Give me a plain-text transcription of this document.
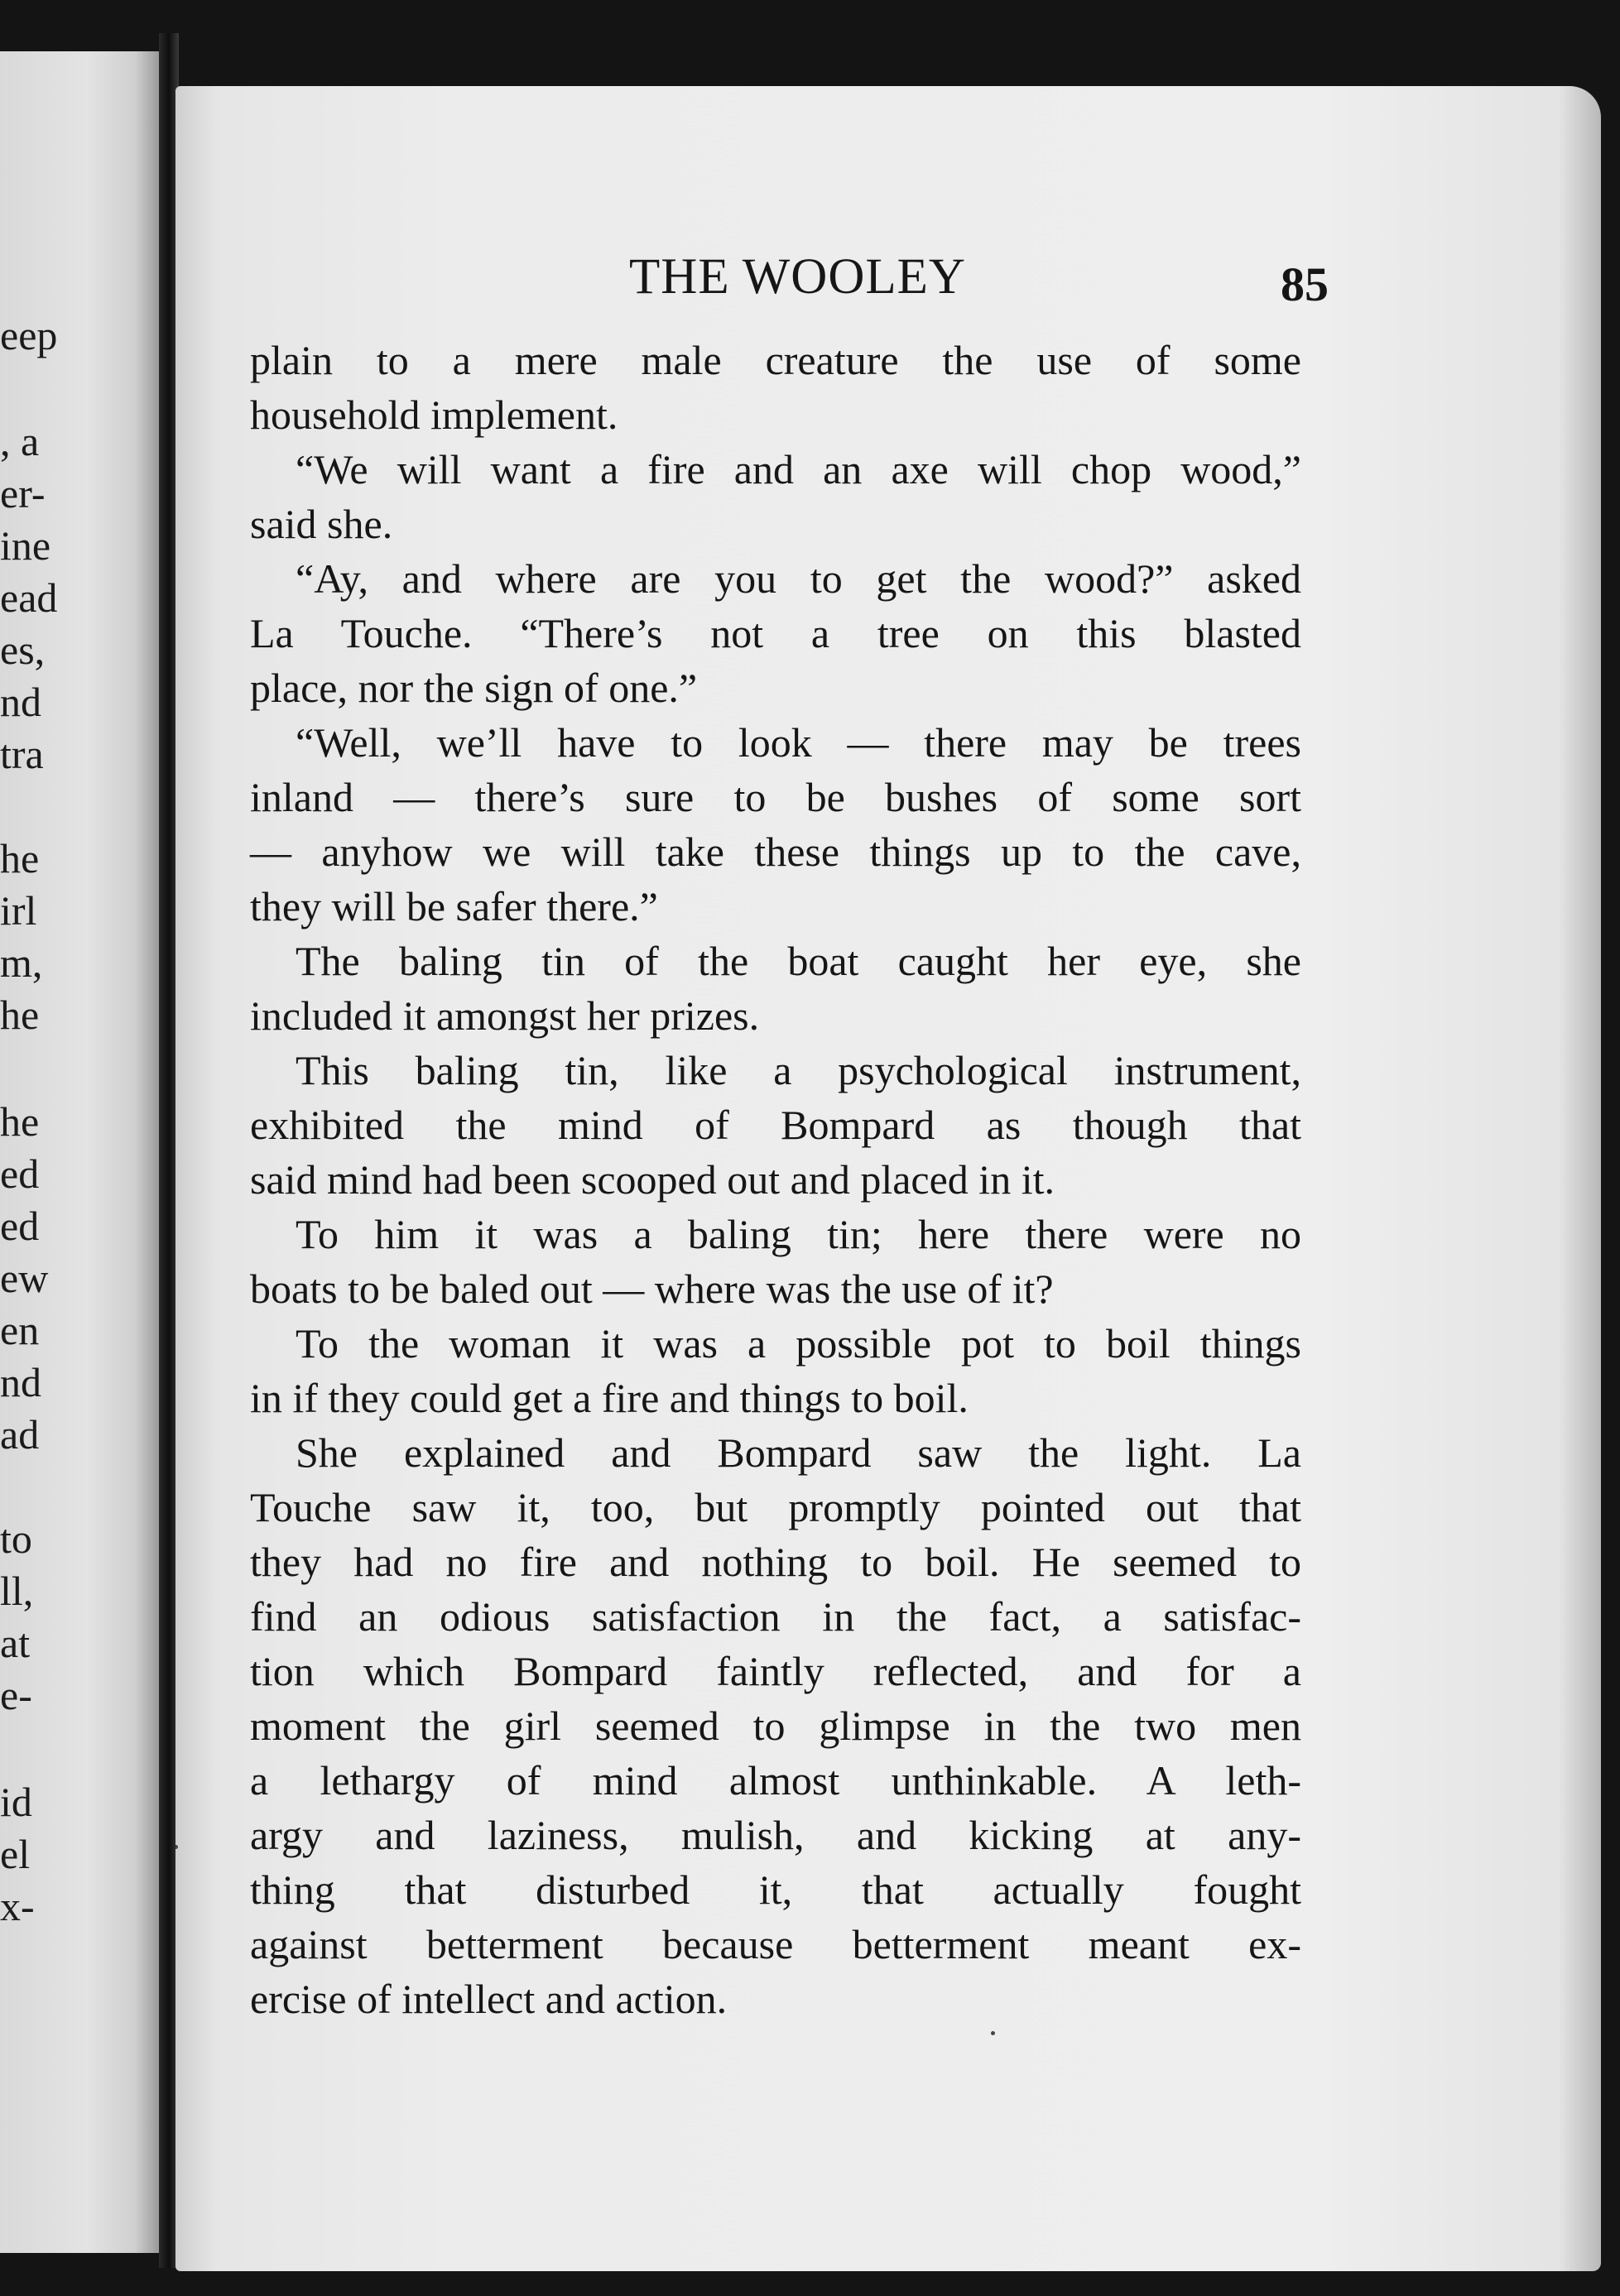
eep
, a
er-
ine
ead
es,
nd
tra
he
irl
m,
he
he
ed
ed
ew
en
nd
ad
to
ll,
at
e-
id
el
x-
THE WOOLEY	85
plain to a mere male creature the use of some
household implement.
“We will want a fire and an axe will chop wood,”
said she.
“Ay, and where are you to get the wood?” asked
La Touche. “There’s not a tree on this blasted
place, nor the sign of one.”
“Well, we’ll have to look — there may be trees
inland — there’s sure to be bushes of some sort
— anyhow we will take these things up to the cave,
they will be safer there.”
The baling tin of the boat caught her eye, she
included it amongst her prizes.
This baling tin, like a psychological instrument,
exhibited the mind of Bompard as though that
said mind had been scooped out and placed in it.
To him it was a baling tin; here there were no
boats to be baled out — where was the use of it?
To the woman it was a possible pot to boil things
in if they could get a fire and things to boil.
She explained and Bompard saw the light. La
Touche saw it, too, but promptly pointed out that
they had no fire and nothing to boil. He seemed to
find an odious satisfaction in the fact, a satisfac-
tion which Bompard faintly reflected, and for a
moment the girl seemed to glimpse in the two men
a lethargy of mind almost unthinkable. A leth-
argy and laziness, mulish, and kicking at any-
thing that disturbed it, that actually fought
against betterment because betterment meant ex-
ercise of intellect and action.
